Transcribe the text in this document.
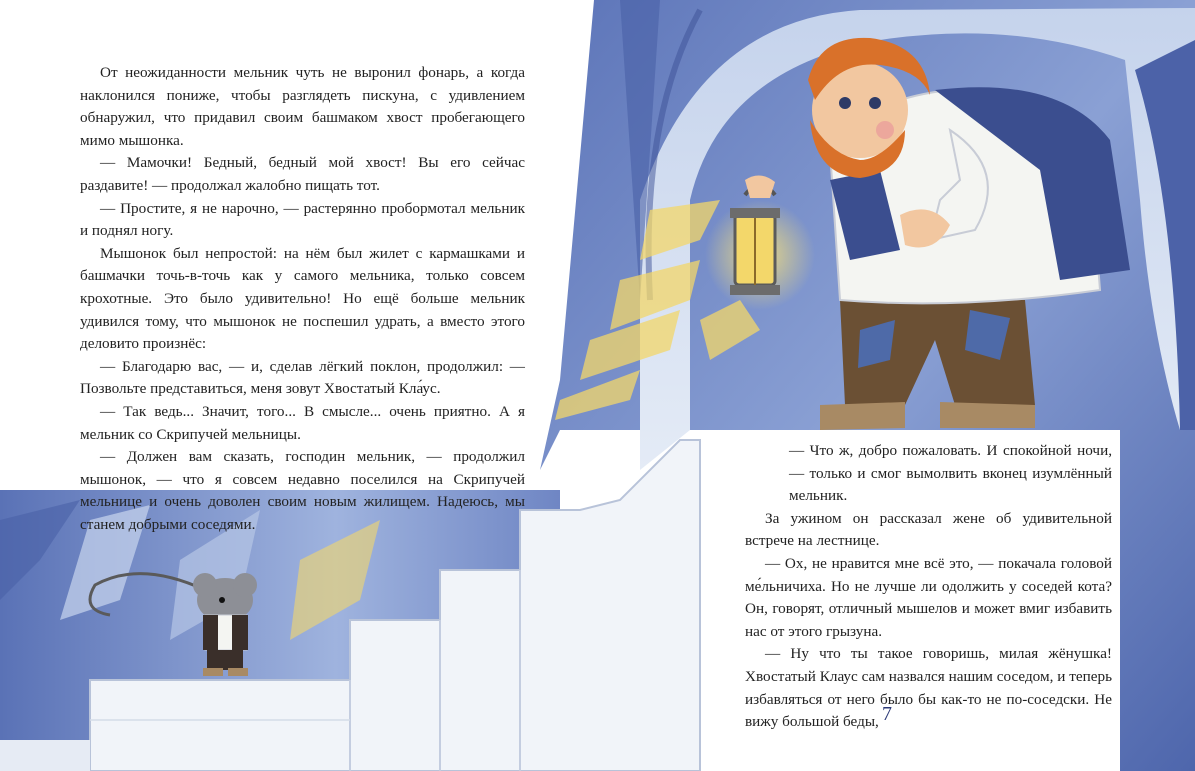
От неожиданности мельник чуть не выронил фонарь, а когда наклонился пониже, чтобы разглядеть пискуна, с удивлением обнаружил, что придавил своим башмаком хвост пробегающего мимо мышонка.

— Мамочки! Бедный, бедный мой хвост! Вы его сейчас раздавите! — продолжал жалобно пищать тот.

— Простите, я не нарочно, — растерянно пробормотал мельник и поднял ногу.

Мышонок был непростой: на нём был жилет с кармашками и башмачки точь-в-точь как у самого мельника, только совсем крохотные. Это было удивительно! Но ещё больше мельник удивился тому, что мышонок не поспешил удрать, а вместо этого деловито произнёс:

— Благодарю вас, — и, сделав лёгкий поклон, продолжил: — Позвольте представиться, меня зовут Хвостатый Кла́ус.

— Так ведь... Значит, того... В смысле... очень приятно. А я мельник со Скрипучей мельницы.

— Должен вам сказать, господин мельник, — продолжил мышонок, — что я совсем недавно поселился на Скрипучей мельнице и очень доволен своим новым жилищем. Надеюсь, мы станем добрыми соседями.

— Что ж, добро пожаловать. И спокойной ночи, — только и смог вымолвить вконец изумлённый мельник.

За ужином он рассказал жене об удивительной встрече на лестнице.

— Ох, не нравится мне всё это, — покачала головой ме́льничиха. Но не лучше ли одолжить у соседей кота? Он, говорят, отличный мышелов и может вмиг избавить нас от этого грызуна.

— Ну что ты такое говоришь, милая жёнушка! Хвостатый Клаус сам назвался нашим соседом, и теперь избавляться от него было бы как-то не по-соседски. Не вижу большой беды, 7
